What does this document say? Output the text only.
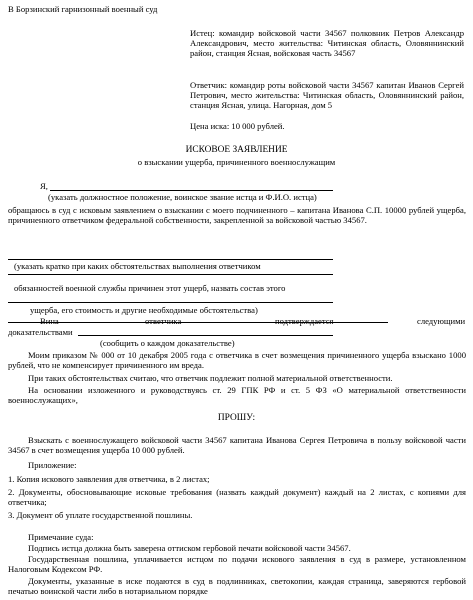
В Борзинский гарнизонный военный суд
Истец: командир войсковой части 34567 полковник Петров Александр Александрович, место жительства: Читинская область, Оловяннинский район, станция Ясная, войсковая часть 34567
Ответчик: командир роты войсковой части 34567 капитан Иванов Сергей Петрович, место жительства: Читинская область, Оловяннинский район, станция Ясная, улица. Нагорная, дом 5
Цена иска: 10 000 рублей.
ИСКОВОЕ ЗАЯВЛЕНИЕ
о взыскании ущерба, причиненного военнослужащим
Я,
(указать должностное положение, воинское звание истца и Ф.И.О. истца)
обращаюсь в суд с исковым заявлением о взыскании с моего подчиненного – капитана Иванова С.П. 10000 рублей ущерба, причиненного ответчиком федеральной собственности, закрепленной за войсковой частью 34567.
(указать кратко при каких обстоятельствах выполнения ответчиком
обязанностей военной службы причинен этот ущерб, назвать состав этого
ущерба, его стоимость и другие необходимые обстоятельства)
Вина	ответчика	подтверждается	следующими
доказательствами
(сообщить о каждом доказательстве)
Моим приказом № 000 от 10 декабря 2005 года с ответчика в счет возмещения причиненного ущерба взыскано 1000 рублей, что не компенсирует причиненного им вреда.
При таких обстоятельствах считаю, что ответчик подлежит полной материальной ответственности.
На основании изложенного и руководствуясь ст. 29 ГПК РФ и ст. 5 ФЗ «О материальной ответственности военнослужащих»,
ПРОШУ:
Взыскать с военнослужащего войсковой части 34567 капитана Иванова Сергея Петровича в пользу войсковой части 34567 в счет возмещения ущерба 10 000 рублей.
Приложение:
1. Копия искового заявления для ответчика, в 2 листах;
2. Документы, обосновывающие исковые требования (назвать каждый документ) каждый на 2 листах, с копиями для ответчика;
3. Документ об уплате государственной пошлины.
Примечание суда:
Подпись истца должна быть заверена оттиском гербовой печати войсковой части 34567.
Государственная пошлина, уплачивается истцом по подачи искового заявления в суд в размере, установленном Налоговым Кодексом РФ.
Документы, указанные в иске подаются в суд в подлинниках, светокопии, каждая страница, заверяются гербовой печатью воинской части либо в нотариальном порядке
